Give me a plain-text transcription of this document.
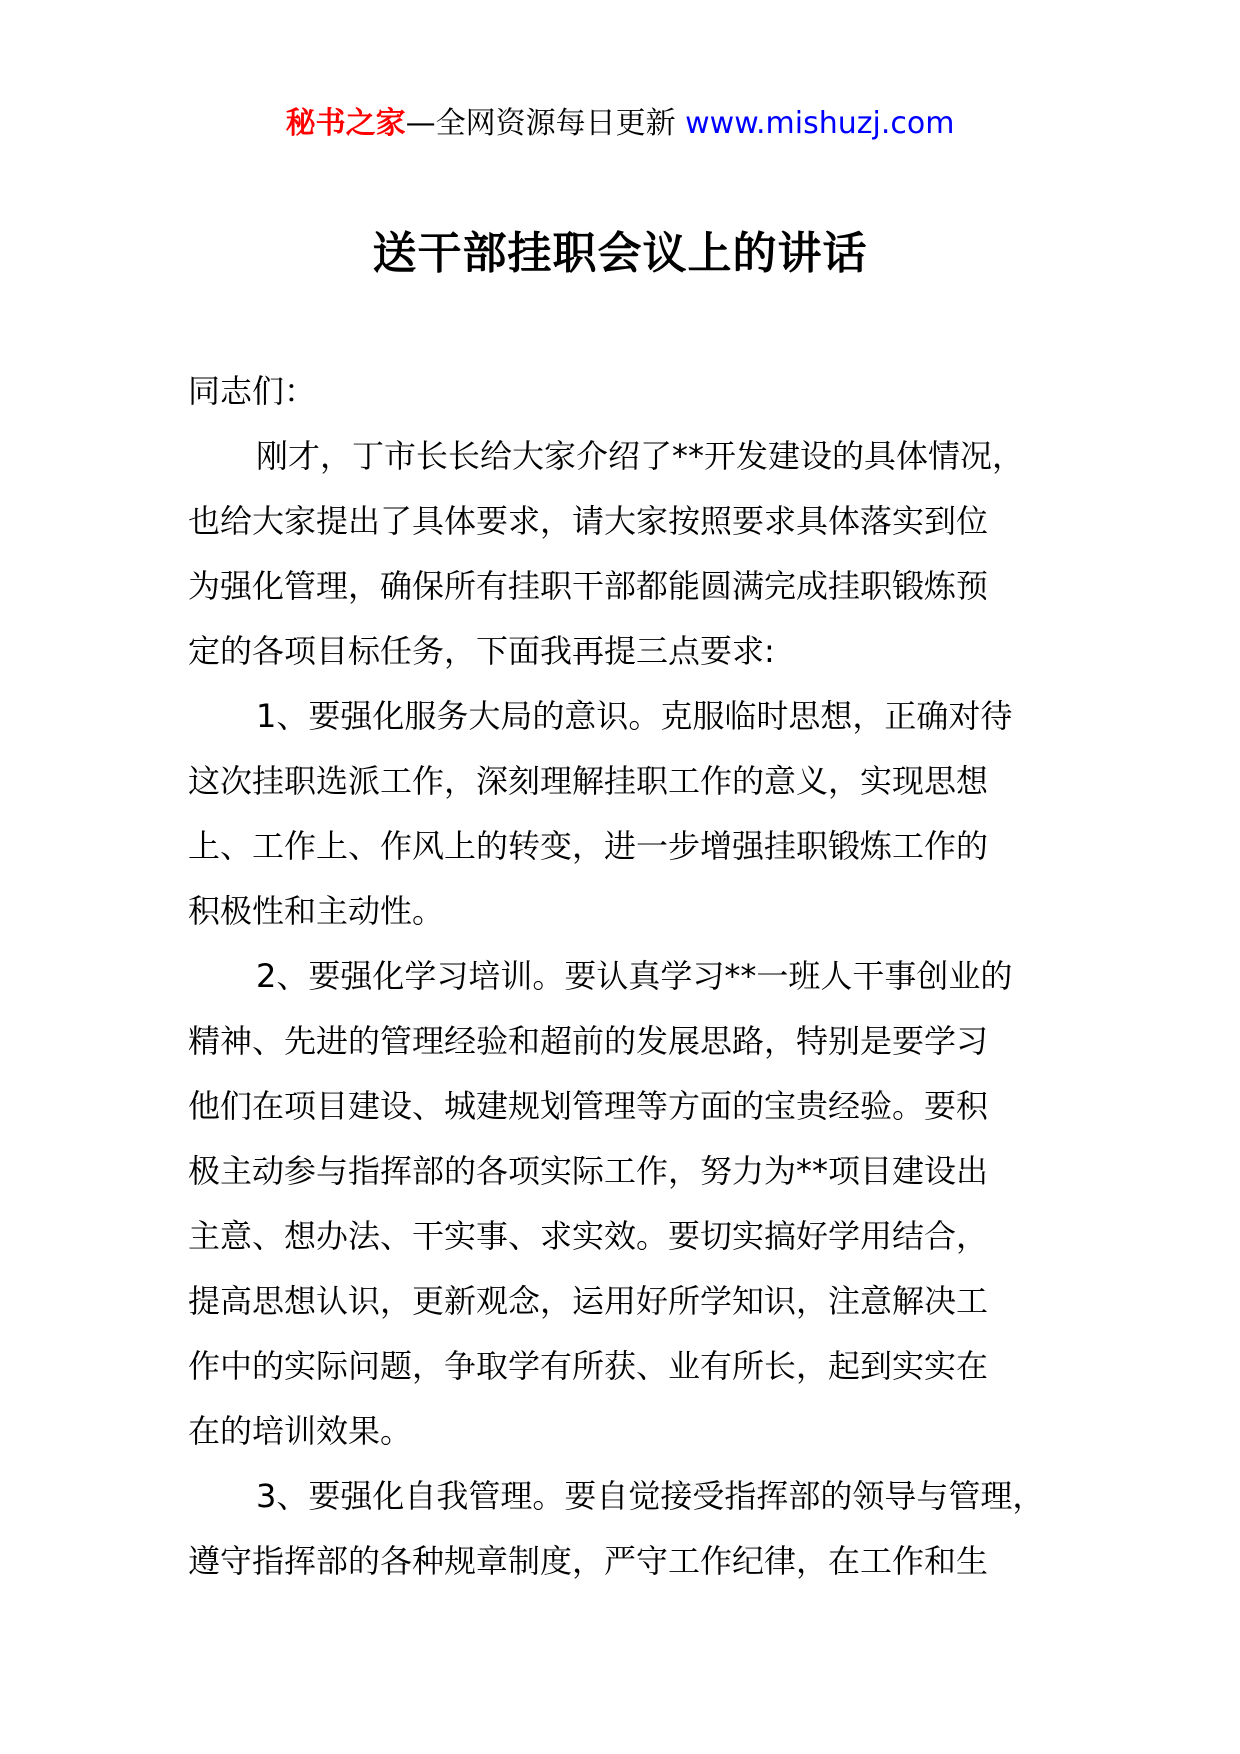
秘书之家—全网资源每日更新 www.mishuzj.com
送干部挂职会议上的讲话
同志们：
刚才，丁市长长给大家介绍了**开发建设的具体情况，
也给大家提出了具体要求，请大家按照要求具体落实到位
为强化管理，确保所有挂职干部都能圆满完成挂职锻炼预
定的各项目标任务，下面我再提三点要求:
1、要强化服务大局的意识。克服临时思想，正确对待
这次挂职选派工作，深刻理解挂职工作的意义，实现思想
上、工作上、作风上的转变，进一步增强挂职锻炼工作的
积极性和主动性。
2、要强化学习培训。要认真学习**一班人干事创业的
精神、先进的管理经验和超前的发展思路，特别是要学习
他们在项目建设、城建规划管理等方面的宝贵经验。要积
极主动参与指挥部的各项实际工作，努力为**项目建设出
主意、想办法、干实事、求实效。要切实搞好学用结合，
提高思想认识，更新观念，运用好所学知识，注意解决工
作中的实际问题，争取学有所获、业有所长，起到实实在
在的培训效果。
3、要强化自我管理。要自觉接受指挥部的领导与管理，
遵守指挥部的各种规章制度，严守工作纪律，在工作和生
